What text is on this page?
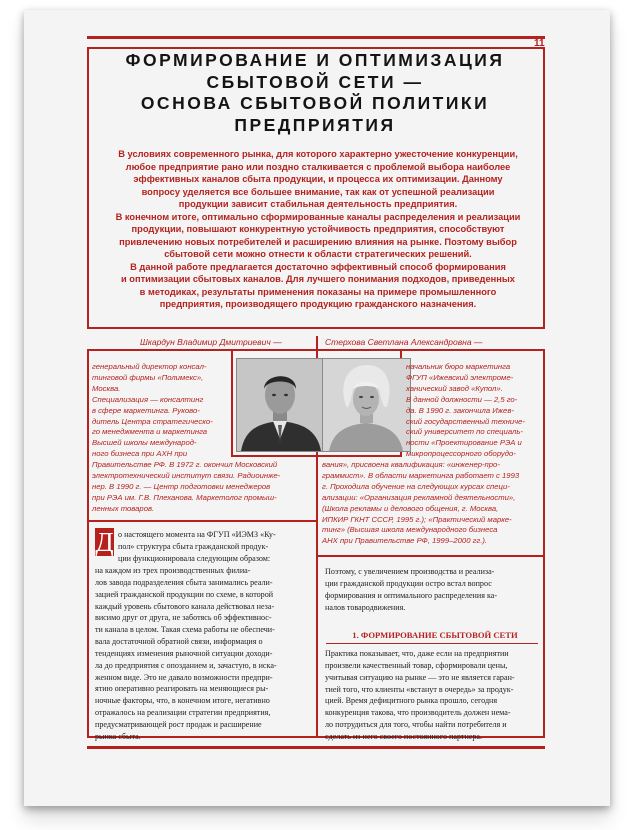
11
ФОРМИРОВАНИЕ И ОПТИМИЗАЦИЯ
СБЫТОВОЙ СЕТИ —
ОСНОВА СБЫТОВОЙ ПОЛИТИКИ
ПРЕДПРИЯТИЯ
В условиях современного рынка, для которого характерно ужесточение конкуренции,
любое предприятие рано или поздно сталкивается с проблемой выбора наиболее
эффективных каналов сбыта продукции, и процесса их оптимизации. Данному
вопросу уделяется все большее внимание, так как от успешной реализации
продукции зависит стабильная деятельность предприятия.
В конечном итоге, оптимально сформированные каналы распределения и реализации
продукции, повышают конкурентную устойчивость предприятия, способствуют
привлечению новых потребителей и расширению влияния на рынке. Поэтому выбор
сбытовой сети можно отнести к области стратегических решений.
В данной работе предлагается достаточно эффективный способ формирования
и оптимизации сбытовых каналов. Для лучшего понимания подходов, приведенных
в методиках, результаты применения показаны на примере промышленного
предприятия, производящего продукцию гражданского назначения.
Шкардун Владимир Дмитриевич —	Стерхова Светлана Александровна —
генеральный директор консал-
тинговой фирмы «Полимекс»,
Москва.
Специализация — консалтинг
в сфере маркетинга. Руково-
дитель Центра стратегическо-
го менеджмента и маркетинга
Высшей школы международ-
ного бизнеса при АХН при
Правительстве РФ. В 1972 г. окончил Московский
электротехнический институт связи. Радиоинже-
нер. В 1990 г. — Центр подготовки менеджеров
при РЭА им. Г.В. Плеханова. Маркетолог промыш-
ленных товаров.
начальник бюро маркетинга
ФГУП «Ижевский электроме-
ханический завод «Купол».
В данной должности — 2,5 го-
да. В 1990 г. закончила Ижев-
ский государственный техниче-
ский университет по специаль-
ности «Проектирование РЭА и
микропроцессорного оборудо-
вания», присвоена квалификация: «инженер-про-
граммист». В области маркетинга работает с 1993
г. Проходила обучение на следующих курсах специ-
ализации: «Организация рекламной деятельности»,
(Школа рекламы и делового общения, г. Москва,
ИПКИР ГКНТ СССР, 1995 г.); «Практический марке-
тинг» (Высшая школа международного бизнеса
АНХ при Правительстве РФ, 1999–2000 гг.).
Д о настоящего момента на ФГУП «ИЭМЗ «Ку-
пол» структура сбыта гражданской продук-
ции функционировала следующим образом:
на каждом из трех производственных филиа-
лов завода подразделения сбыта занимались реали-
зацией гражданской продукции по схеме, в которой
каждый уровень сбытового канала действовал неза-
висимо друг от друга, не заботясь об эффективнос-
ти канала в целом. Такая схема работы не обеспечи-
вала достаточной обратной связи, информация о
тенденциях изменения рыночной ситуации доходи-
ла до предприятия с опозданием и, зачастую, в иска-
женном виде. Это не давало возможности предпри-
ятию оперативно реагировать на меняющиеся ры-
ночные факторы, что, в конечном итоге, негативно
отражалось на реализации стратегии предприятия,
предусматривающей рост продаж и расширение
рынка сбыта.
Поэтому, с увеличением производства и реализа-
ции гражданской продукции остро встал вопрос
формирования и оптимального распределения ка-
налов товародвижения.
1. ФОРМИРОВАНИЕ СБЫТОВОЙ СЕТИ
Практика показывает, что, даже если на предприятии
произвели качественный товар, сформировали цены,
учитывая ситуацию на рынке — это не является гаран-
тией того, что клиенты «встанут в очередь» за продук-
цией. Время дефицитного рынка прошло, сегодня
конкуренция такова, что производитель должен нема-
ло потрудиться для того, чтобы найти потребителя и
сделать из него своего постоянного партнера.
